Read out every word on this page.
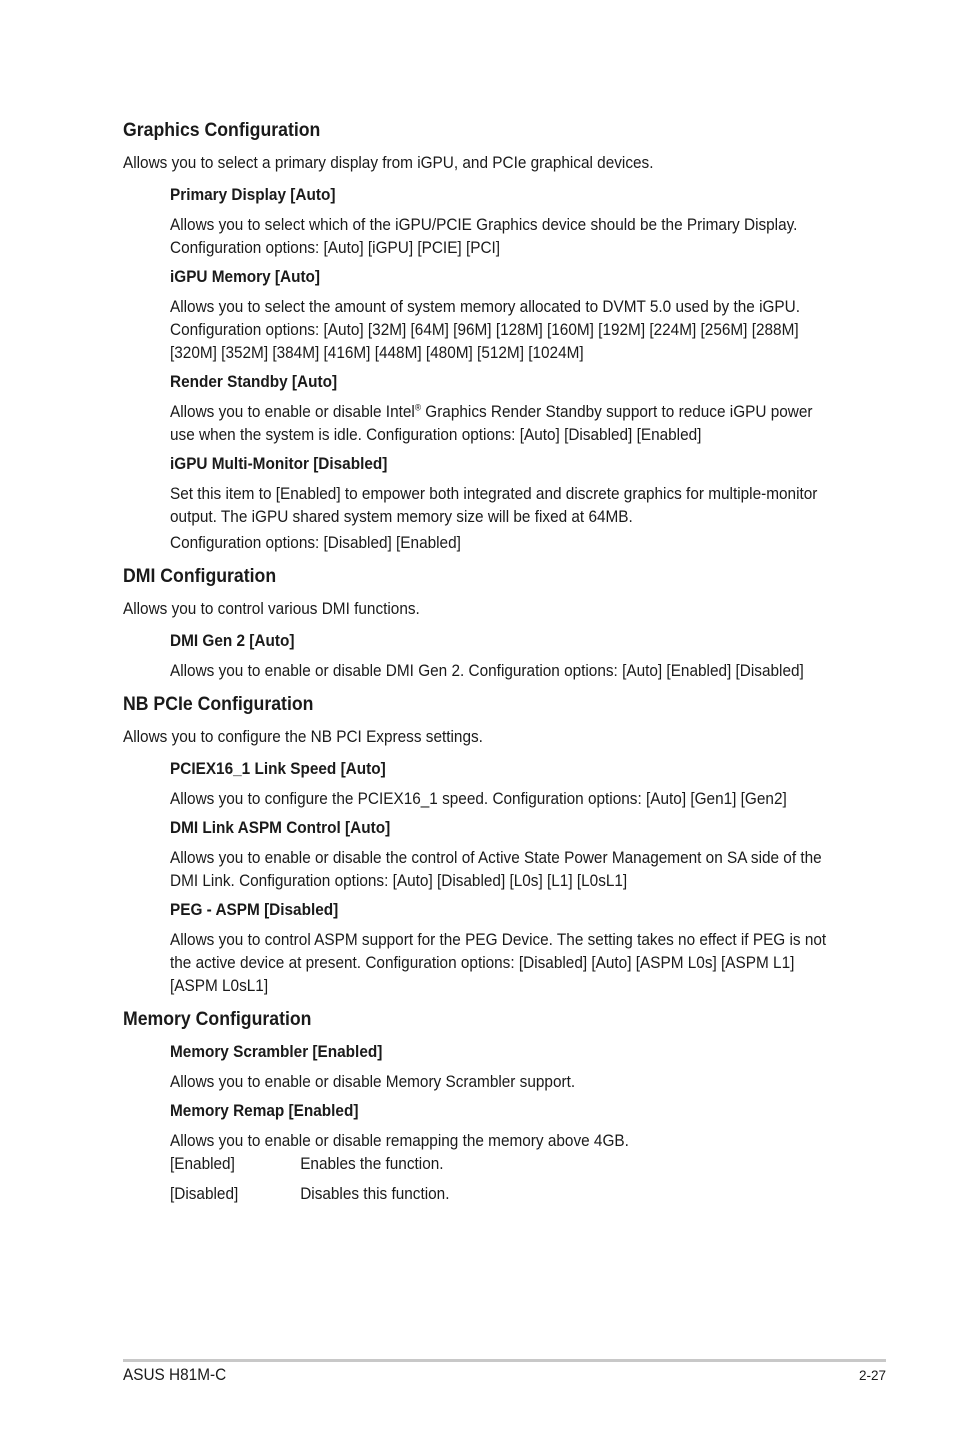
Graphics Configuration
Allows you to select a primary display from iGPU, and PCIe graphical devices.
Primary Display [Auto]
Allows you to select which of the iGPU/PCIE Graphics device should be the Primary Display. Configuration options: [Auto] [iGPU] [PCIE] [PCI]
iGPU Memory [Auto]
Allows you to select the amount of system memory allocated to DVMT 5.0 used by the iGPU. Configuration options: [Auto] [32M] [64M] [96M] [128M] [160M] [192M] [224M] [256M] [288M][320M] [352M] [384M] [416M] [448M] [480M] [512M] [1024M]
Render Standby [Auto]
Allows you to enable or disable Intel® Graphics Render Standby support to reduce iGPU power use when the system is idle. Configuration options: [Auto] [Disabled] [Enabled]
iGPU Multi-Monitor [Disabled]
Set this item to [Enabled] to empower both integrated and discrete graphics for multiple-monitor output. The iGPU shared system memory size will be fixed at 64MB.
Configuration options: [Disabled] [Enabled]
DMI Configuration
Allows you to control various DMI functions.
DMI Gen 2 [Auto]
Allows you to enable or disable DMI Gen 2. Configuration options: [Auto] [Enabled] [Disabled]
NB PCIe Configuration
Allows you to configure the NB PCI Express settings.
PCIEX16_1 Link Speed [Auto]
Allows you to configure the PCIEX16_1 speed. Configuration options: [Auto] [Gen1] [Gen2]
DMI Link ASPM Control [Auto]
Allows you to enable or disable the control of Active State Power Management on SA side of the DMI Link. Configuration options: [Auto] [Disabled] [L0s] [L1] [L0sL1]
PEG - ASPM [Disabled]
Allows you to control ASPM support for the PEG Device. The setting takes no effect if PEG is not the active device at present. Configuration options: [Disabled] [Auto] [ASPM L0s] [ASPM L1] [ASPM L0sL1]
Memory Configuration
Memory Scrambler [Enabled]
Allows you to enable or disable Memory Scrambler support.
Memory Remap [Enabled]
Allows you to enable or disable remapping the memory above 4GB.
[Enabled]	Enables the function.
[Disabled]	Disables this function.
ASUS H81M-C	2-27
